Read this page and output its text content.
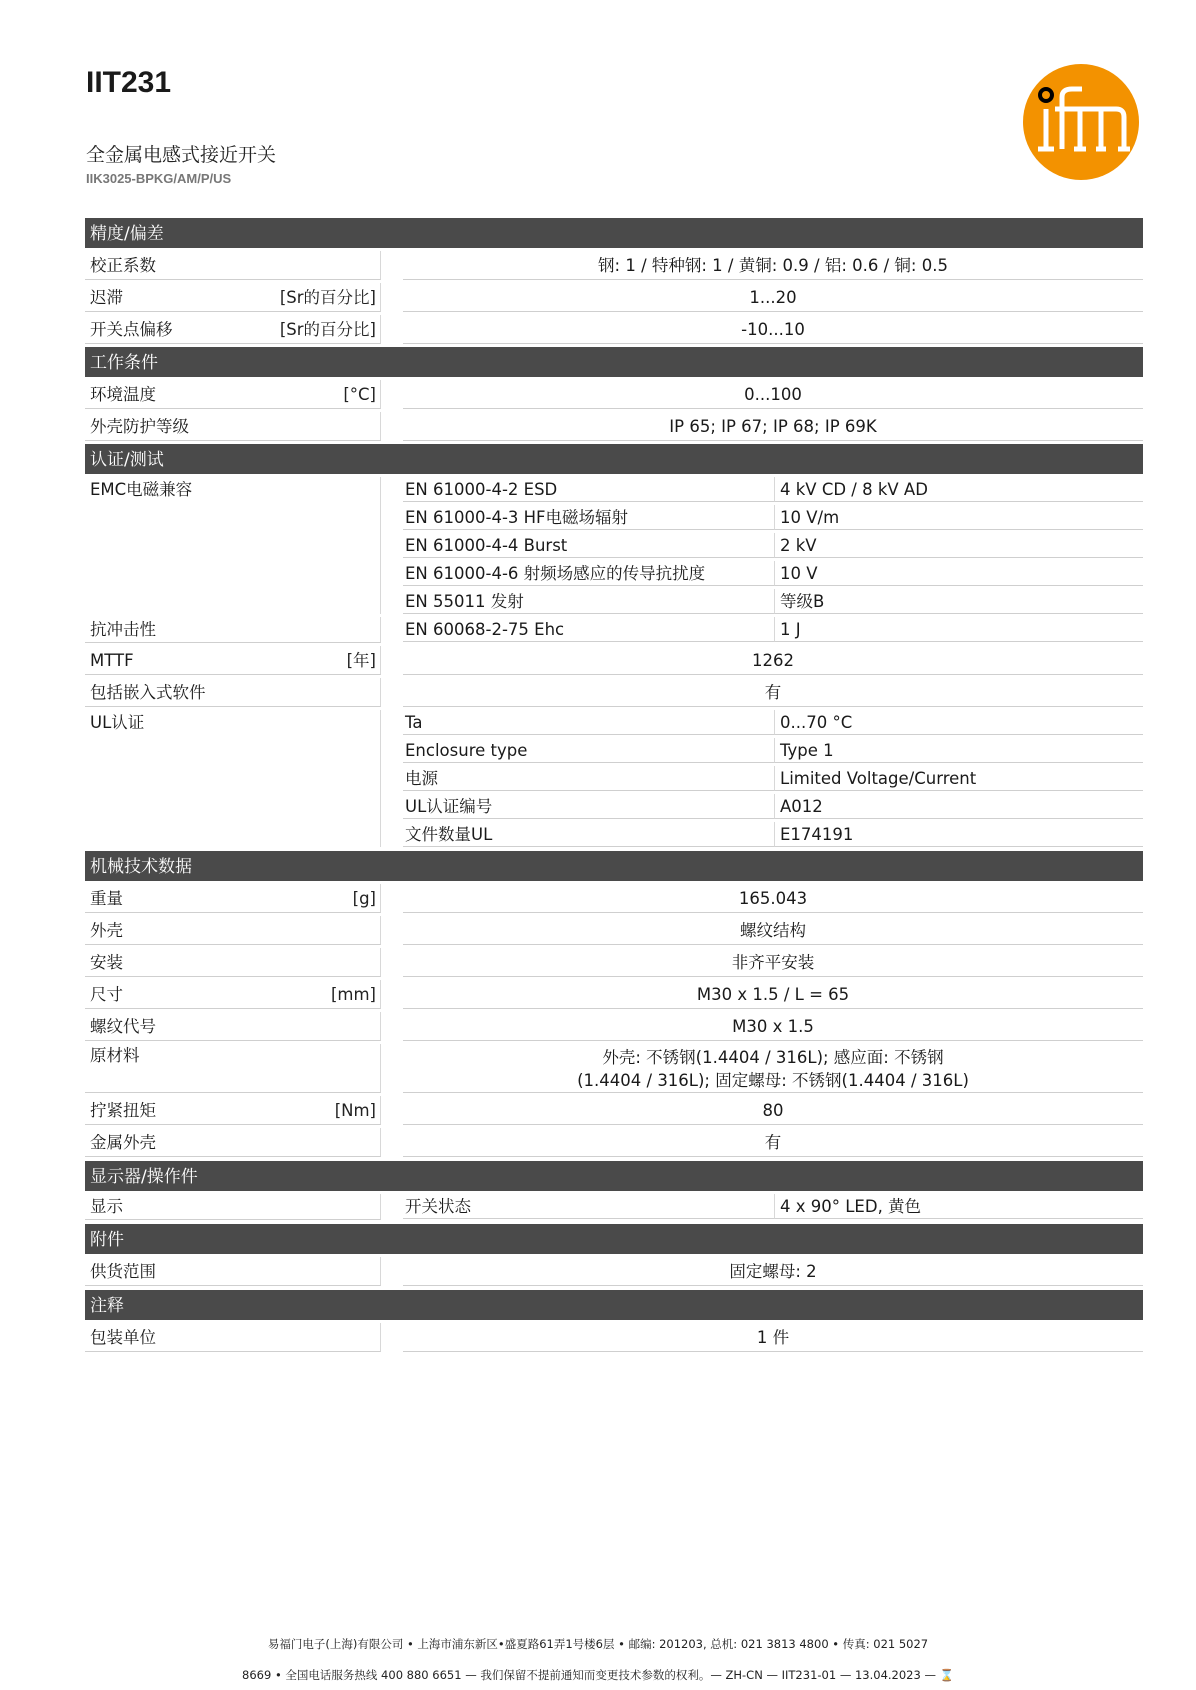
IIT231
全金属电感式接近开关
IIK3025-BPKG/AM/P/US
ifm
精度/偏差
校正系数	钢: 1 / 特种钢: 1 / 黄铜: 0.9 / 铝: 0.6 / 铜: 0.5
迟滞	[Sr的百分比]	1...20
开关点偏移	[Sr的百分比]	-10...10
工作条件
环境温度	[°C]	0...100
外壳防护等级	IP 65; IP 67; IP 68; IP 69K
认证/测试
EMC电磁兼容	EN 61000-4-2 ESD	4 kV CD / 8 kV AD
EN 61000-4-3 HF电磁场辐射	10 V/m
EN 61000-4-4 Burst	2 kV
EN 61000-4-6 射频场感应的传导抗扰度	10 V
EN 55011 发射	等级B
抗冲击性	EN 60068-2-75 Ehc	1 J
MTTF	[年]	1262
包括嵌入式软件	有
UL认证	Ta	0...70 °C
Enclosure type	Type 1
电源	Limited Voltage/Current
UL认证编号	A012
文件数量UL	E174191
机械技术数据
重量	[g]	165.043
外壳	螺纹结构
安装	非齐平安装
尺寸	[mm]	M30 x 1.5 / L = 65
螺纹代号	M30 x 1.5
原材料	外壳: 不锈钢(1.4404 / 316L); 感应面: 不锈钢
(1.4404 / 316L); 固定螺母: 不锈钢(1.4404 / 316L)
拧紧扭矩	[Nm]	80
金属外壳	有
显示器/操作件
显示	开关状态	4 x 90° LED, 黄色
附件
供货范围	固定螺母: 2
注释
包装单位	1 件
易福门电子(上海)有限公司 • 上海市浦东新区•盛夏路61弄1号楼6层 • 邮编: 201203, 总机: 021 3813 4800 • 传真: 021 5027
8669 • 全国电话服务热线 400 880 6651 — 我们保留不提前通知而变更技术参数的权利。— ZH-CN — IIT231-01 — 13.04.2023 — ⌛
